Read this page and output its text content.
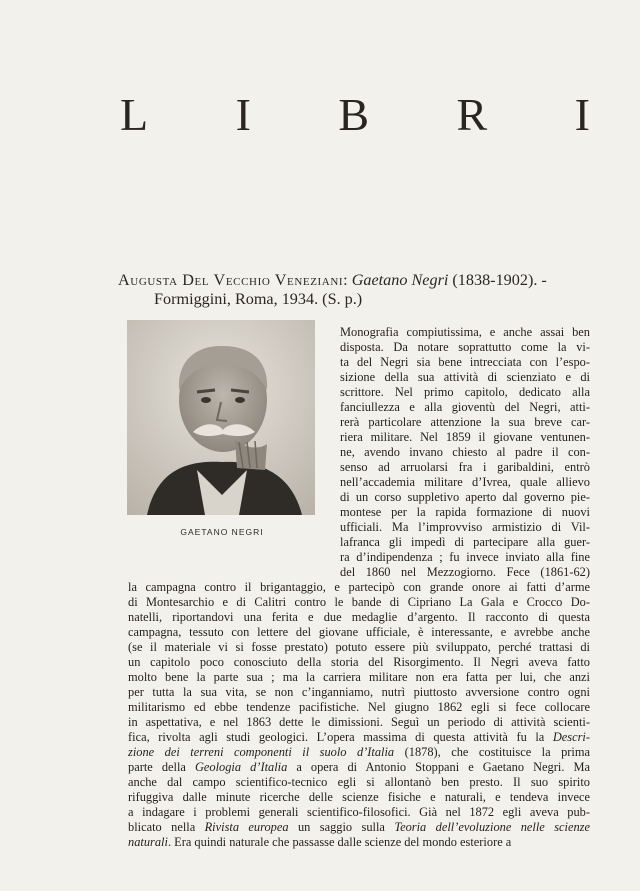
L I B R I
Augusta Del Vecchio Veneziani: Gaetano Negri (1838-1902). -
Formiggini, Roma, 1934. (S. p.)
GAETANO NEGRI
Monografia compiutissima, e anche assai ben
disposta. Da notare soprattutto come la vi-
ta del Negri sia bene intrecciata con l’espo-
sizione della sua attività di scienziato e di
scrittore. Nel primo capitolo, dedicato alla
fanciullezza e alla gioventù del Negri, atti-
rerà particolare attenzione la sua breve car-
riera militare. Nel 1859 il giovane ventunen-
ne, avendo invano chiesto al padre il con-
senso ad arruolarsi fra i garibaldini, entrò
nell’accademia militare d’Ivrea, quale allievo
di un corso suppletivo aperto dal governo pie-
montese per la rapida formazione di nuovi
ufficiali. Ma l’improvviso armistizio di Vil-
lafranca gli impedì di partecipare alla guer-
ra d’indipendenza ; fu invece inviato alla fine
del 1860 nel Mezzogiorno. Fece (1861-62)
la campagna contro il brigantaggio, e partecipò con grande onore ai fatti d’arme
di Montesarchio e di Calitri contro le bande di Cipriano La Gala e Crocco Do-
natelli, riportandovi una ferita e due medaglie d’argento. Il racconto di questa
campagna, tessuto con lettere del giovane ufficiale, è interessante, e avrebbe anche
(se il materiale vi si fosse prestato) potuto essere più sviluppato, perché trattasi di
un capitolo poco conosciuto della storia del Risorgimento. Il Negri aveva fatto
molto bene la parte sua ; ma la carriera militare non era fatta per lui, che anzi
per tutta la sua vita, se non c’inganniamo, nutrì piuttosto avversione contro ogni
militarismo ed ebbe tendenze pacifistiche. Nel giugno 1862 egli si fece collocare
in aspettativa, e nel 1863 dette le dimissioni. Seguì un periodo di attività scienti-
fica, rivolta agli studi geologici. L’opera massima di questa attività fu la Descri-
zione dei terreni componenti il suolo d’Italia (1878), che costituisce la prima
parte della Geologia d’Italia a opera di Antonio Stoppani e Gaetano Negri. Ma
anche dal campo scientifico-tecnico egli si allontanò ben presto. Il suo spirito
rifuggiva dalle minute ricerche delle scienze fisiche e naturali, e tendeva invece
a indagare i problemi generali scientifico-filosofici. Già nel 1872 egli aveva pub-
blicato nella Rivista europea un saggio sulla Teoria dell’evoluzione nelle scienze
naturali. Era quindi naturale che passasse dalle scienze del mondo esteriore a
